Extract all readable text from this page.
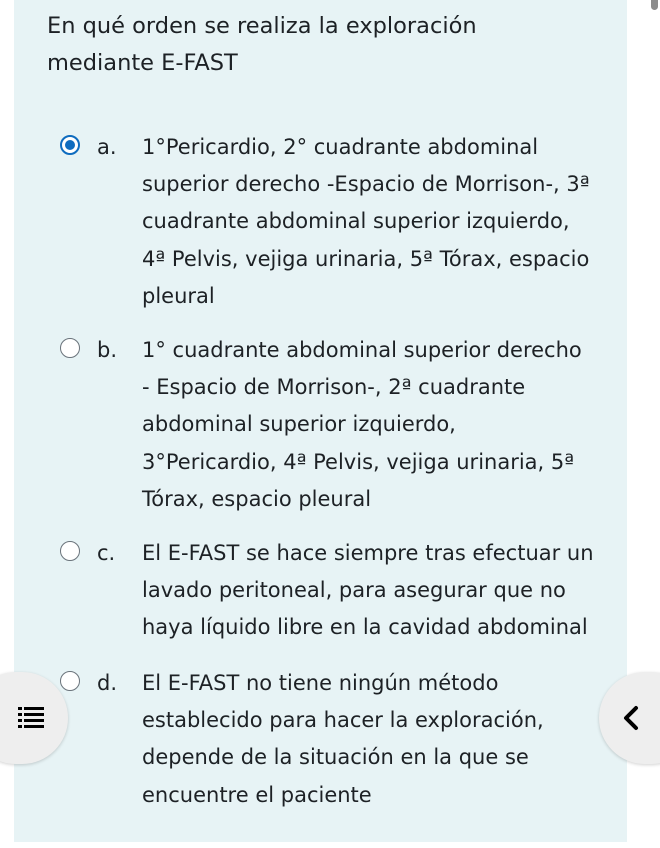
En qué orden se realiza la exploración mediante E-FAST

a. 1°Pericardio, 2° cuadrante abdominal superior derecho -Espacio de Morrison-, 3ª cuadrante abdominal superior izquierdo, 4ª Pelvis, vejiga urinaria, 5ª Tórax, espacio pleural
b. 1° cuadrante abdominal superior derecho - Espacio de Morrison-, 2ª cuadrante abdominal superior izquierdo, 3°Pericardio, 4ª Pelvis, vejiga urinaria, 5ª Tórax, espacio pleural
c. El E-FAST se hace siempre tras efectuar un lavado peritoneal, para asegurar que no haya líquido libre en la cavidad abdominal
d. El E-FAST no tiene ningún método establecido para hacer la exploración, depende de la situación en la que se encuentre el paciente
